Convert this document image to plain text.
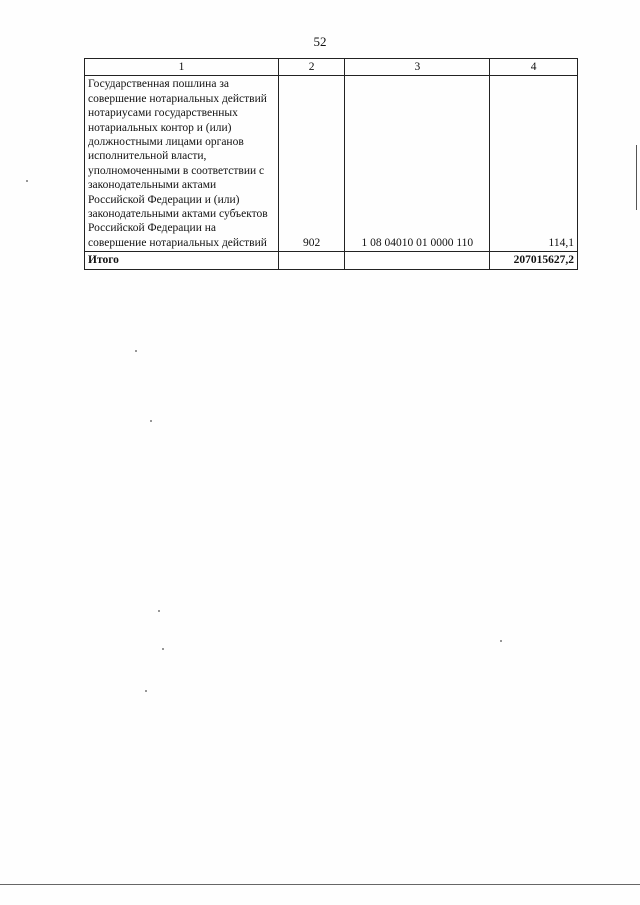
52
1	2	3	4
Государственная пошлина за совершение нотариальных действий нотариусами государственных нотариальных контор и (или) должностными лицами органов исполнительной власти, уполномоченными в соответствии с законодательными актами Российской Федерации и (или) законодательными актами субъектов Российской Федерации на совершение нотариальных действий	902	1 08 04010 01 0000 110	114,1
Итого			207015627,2
